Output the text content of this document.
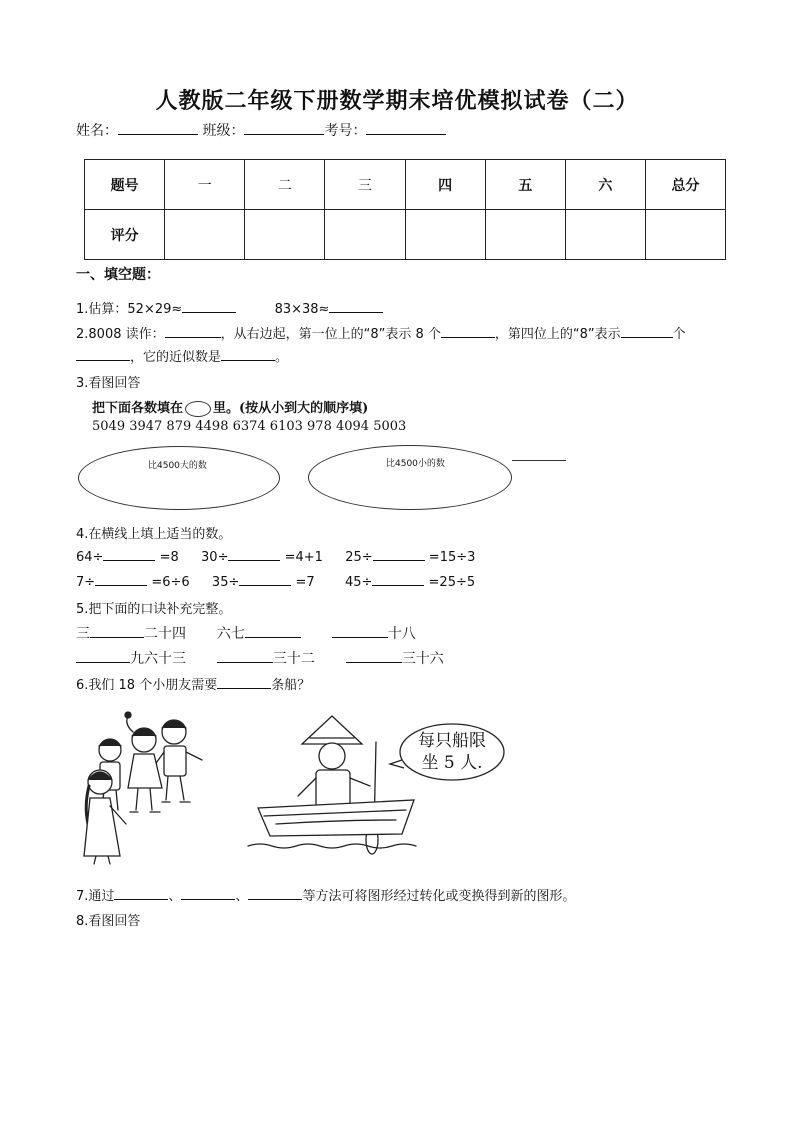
人教版二年级下册数学期末培优模拟试卷（二）
姓名：	班级：	考号：
题号	一	二	三	四	五	六	总分
评分							
一、填空题：
1.估算：52×29≈	83×38≈
2.8008 读作：	，从右边起，第一位上的“8”表示 8 个	，第四位上的“8”表示	个
，它的近似数是	。
3.看图回答
把下面各数填在 里。(按从小到大的顺序填)
5049 3947 879 4498 6374 6103 978 4094 5003
比4500大的数	比4500小的数
4.在横线上填上适当的数。
64÷	=8 30÷	=4+1 25÷	=15÷3
7÷	=6÷6 35÷	=7 45÷	=25÷5
5.把下面的口诀补充完整。
三	二十四 六七	十八
九六十三	三十二	三十六
6.我们 18 个小朋友需要	条船？
每只船限
坐 5 人.
7.通过	、	、	等方法可将图形经过转化或变换得到新的图形。
8.看图回答
